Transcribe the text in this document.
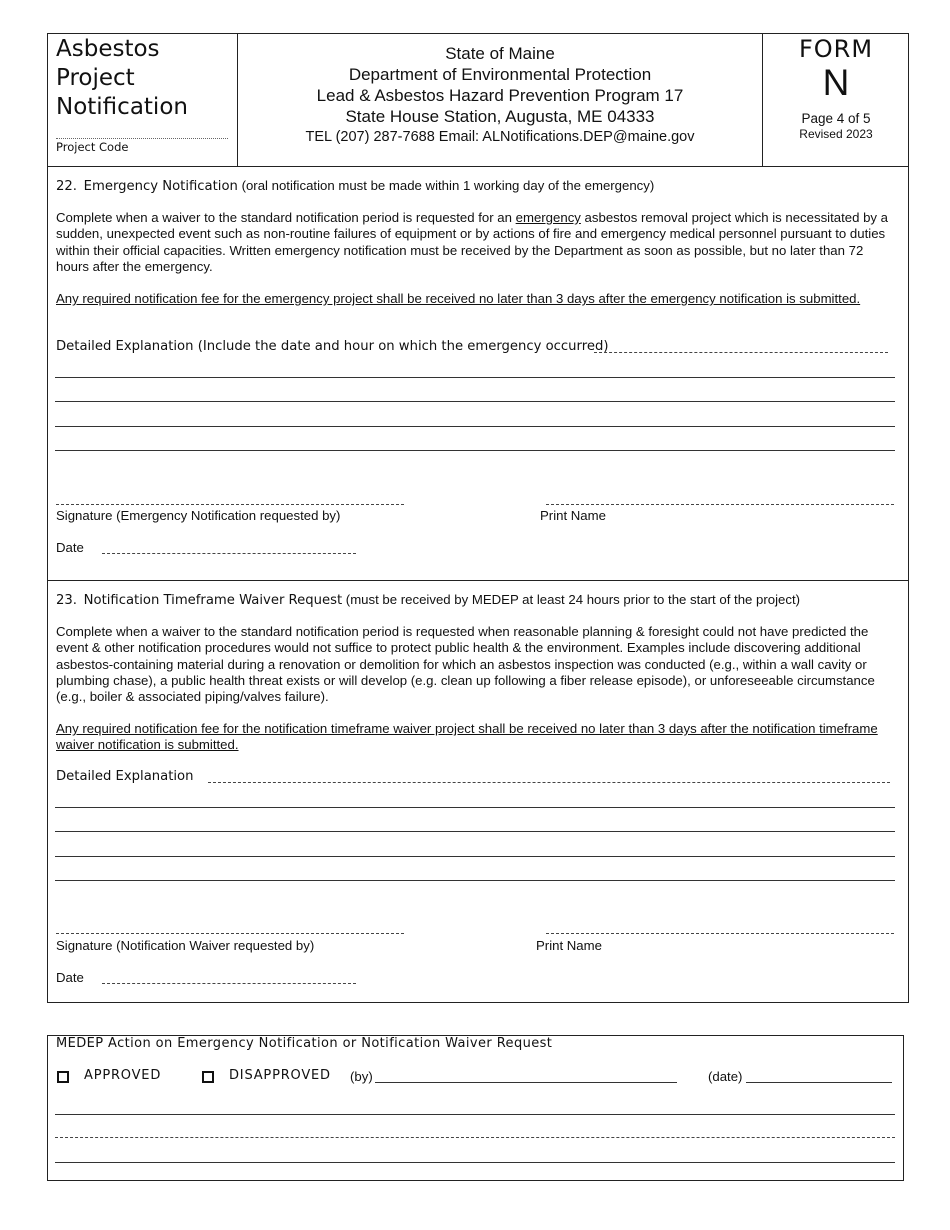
Asbestos
Project
Notification
Project Code
State of Maine
Department of Environmental Protection
Lead & Asbestos Hazard Prevention Program 17
State House Station, Augusta, ME 04333
TEL (207) 287-7688 Email: ALNotifications.DEP@maine.gov
FORM
N
Page 4 of 5
Revised 2023
22. Emergency Notification (oral notification must be made within 1 working day of the emergency)

Complete when a waiver to the standard notification period is requested for an emergency asbestos removal project which is necessitated by a sudden, unexpected event such as non-routine failures of equipment or by actions of fire and emergency medical personnel pursuant to duties within their official capacities. Written emergency notification must be received by the Department as soon as possible, but no later than 72 hours after the emergency.

Any required notification fee for the emergency project shall be received no later than 3 days after the emergency notification is submitted.

Detailed Explanation (Include the date and hour on which the emergency occurred)
Signature (Emergency Notification requested by)	Print Name
Date
23. Notification Timeframe Waiver Request (must be received by MEDEP at least 24 hours prior to the start of the project)

Complete when a waiver to the standard notification period is requested when reasonable planning & foresight could not have predicted the event & other notification procedures would not suffice to protect public health & the environment. Examples include discovering additional asbestos-containing material during a renovation or demolition for which an asbestos inspection was conducted (e.g., within a wall cavity or plumbing chase), a public health threat exists or will develop (e.g. clean up following a fiber release episode), or unforeseeable circumstance (e.g., boiler & associated piping/valves failure).

Any required notification fee for the notification timeframe waiver project shall be received no later than 3 days after the notification timeframe waiver notification is submitted.

Detailed Explanation
Signature (Notification Waiver requested by)	Print Name
Date
MEDEP Action on Emergency Notification or Notification Waiver Request
APPROVED	DISAPPROVED (by)	(date)
